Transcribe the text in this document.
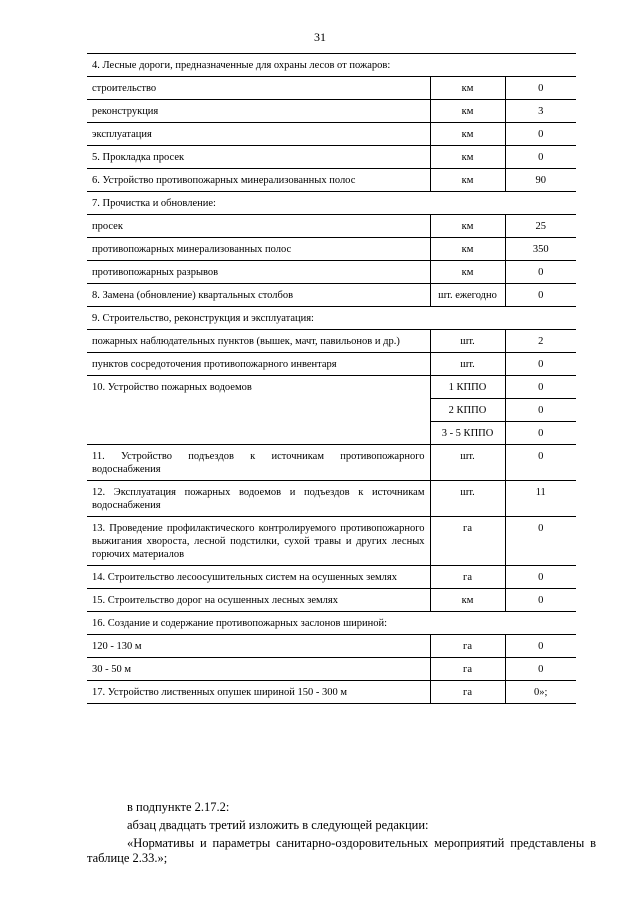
31
4. Лесные дороги, предназначенные для охраны лесов от пожаров:		
строительство	км	0
реконструкция	км	3
эксплуатация	км	0
5. Прокладка просек	км	0
6. Устройство противопожарных минерализованных полос	км	90
7. Прочистка и обновление:		
просек	км	25
противопожарных минерализованных полос	км	350
противопожарных разрывов	км	0
8. Замена (обновление) квартальных столбов	шт. ежегодно	0
9. Строительство, реконструкция и эксплуатация:		
пожарных наблюдательных пунктов (вышек, мачт, павильонов и др.)	шт.	2
пунктов сосредоточения противопожарного инвентаря	шт.	0
10. Устройство пожарных водоемов	1 КППО	0
	2 КППО	0
	3 - 5 КППО	0
11. Устройство подъездов к источникам противопожарного водоснабжения	шт.	0
12. Эксплуатация пожарных водоемов и подъездов к источникам водоснабжения	шт.	11
13. Проведение профилактического контролируемого противопожарного выжигания хвороста, лесной подстилки, сухой травы и других лесных горючих материалов	га	0
14. Строительство лесоосушительных систем на осушенных землях	га	0
15. Строительство дорог на осушенных лесных землях	км	0
16. Создание и содержание противопожарных заслонов шириной:		
120 - 130 м	га	0
30 - 50 м	га	0
17. Устройство лиственных опушек шириной 150 - 300 м	га	0»;
в подпункте 2.17.2:
абзац двадцать третий изложить в следующей редакции:
«Нормативы и параметры санитарно-оздоровительных мероприятий представлены в таблице 2.33.»;
